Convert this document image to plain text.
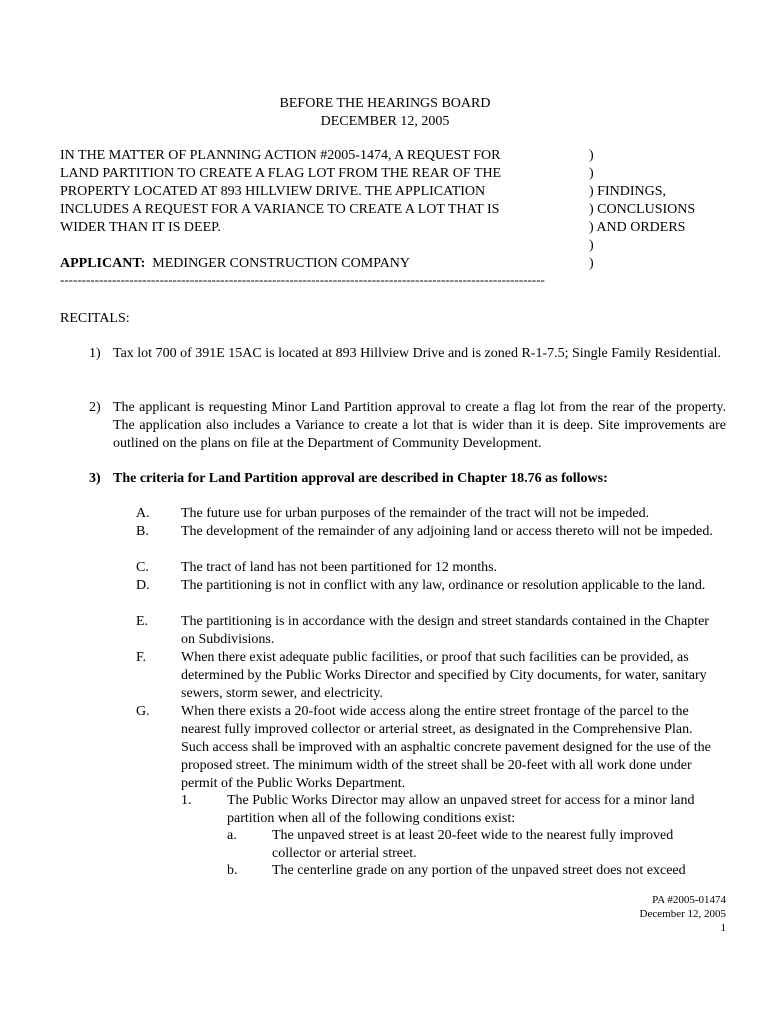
BEFORE THE HEARINGS BOARD
DECEMBER 12, 2005
IN THE MATTER OF PLANNING ACTION #2005-1474, A REQUEST FOR
LAND PARTITION TO CREATE A FLAG LOT FROM THE REAR OF THE
PROPERTY LOCATED AT 893 HILLVIEW DRIVE. THE APPLICATION
INCLUDES A REQUEST FOR A VARIANCE TO CREATE A LOT THAT IS
WIDER THAN IT IS DEEP.
)
)
) FINDINGS,
) CONCLUSIONS
) AND ORDERS
)
)
APPLICANT: MEDINGER CONSTRUCTION COMPANY
----------------------------------------------------------------------------------------------------------------
RECITALS:
1) Tax lot 700 of 391E 15AC is located at 893 Hillview Drive and is zoned R-1-7.5; Single Family Residential.
2) The applicant is requesting Minor Land Partition approval to create a flag lot from the rear of the property. The application also includes a Variance to create a lot that is wider than it is deep. Site improvements are outlined on the plans on file at the Department of Community Development.
3) The criteria for Land Partition approval are described in Chapter 18.76 as follows:
A. The future use for urban purposes of the remainder of the tract will not be impeded.
B. The development of the remainder of any adjoining land or access thereto will not be impeded.
C. The tract of land has not been partitioned for 12 months.
D. The partitioning is not in conflict with any law, ordinance or resolution applicable to the land.
E. The partitioning is in accordance with the design and street standards contained in the Chapter on Subdivisions.
F. When there exist adequate public facilities, or proof that such facilities can be provided, as determined by the Public Works Director and specified by City documents, for water, sanitary sewers, storm sewer, and electricity.
G. When there exists a 20-foot wide access along the entire street frontage of the parcel to the nearest fully improved collector or arterial street, as designated in the Comprehensive Plan. Such access shall be improved with an asphaltic concrete pavement designed for the use of the proposed street. The minimum width of the street shall be 20-feet with all work done under permit of the Public Works Department.
1.	The Public Works Director may allow an unpaved street for access for a minor land partition when all of the following conditions exist:
a.	The unpaved street is at least 20-feet wide to the nearest fully improved collector or arterial street.
b. The centerline grade on any portion of the unpaved street does not exceed
PA #2005-01474
December 12, 2005
1
